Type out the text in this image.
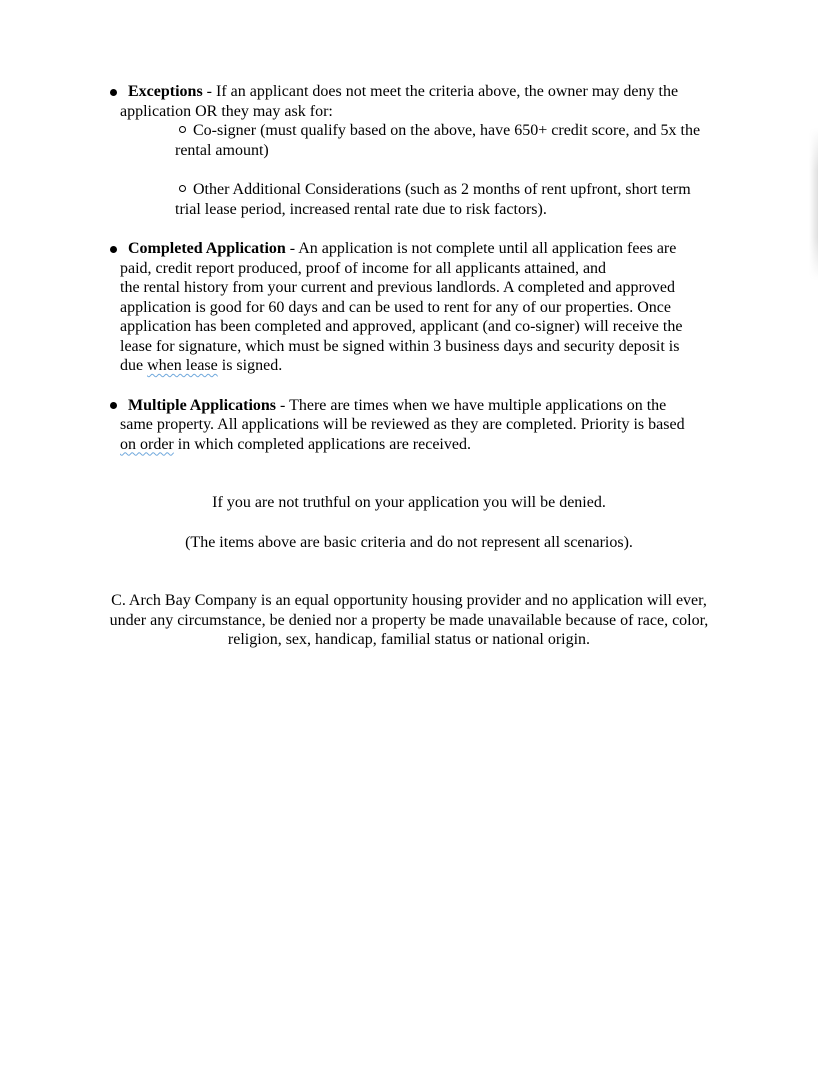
Exceptions - If an applicant does not meet the criteria above, the owner may deny the
application OR they may ask for:
Co-signer (must qualify based on the above, have 650+ credit score, and 5x the
rental amount)
Other Additional Considerations (such as 2 months of rent upfront, short term
trial lease period, increased rental rate due to risk factors).
Completed Application - An application is not complete until all application fees are
paid, credit report produced, proof of income for all applicants attained, and
the rental history from your current and previous landlords. A completed and approved
application is good for 60 days and can be used to rent for any of our properties. Once
application has been completed and approved, applicant (and co-signer) will receive the
lease for signature, which must be signed within 3 business days and security deposit is
due when lease is signed.
Multiple Applications - There are times when we have multiple applications on the
same property. All applications will be reviewed as they are completed. Priority is based
on order in which completed applications are received.
If you are not truthful on your application you will be denied.
(The items above are basic criteria and do not represent all scenarios).
C. Arch Bay Company is an equal opportunity housing provider and no application will ever,
under any circumstance, be denied nor a property be made unavailable because of race, color,
religion, sex, handicap, familial status or national origin.
